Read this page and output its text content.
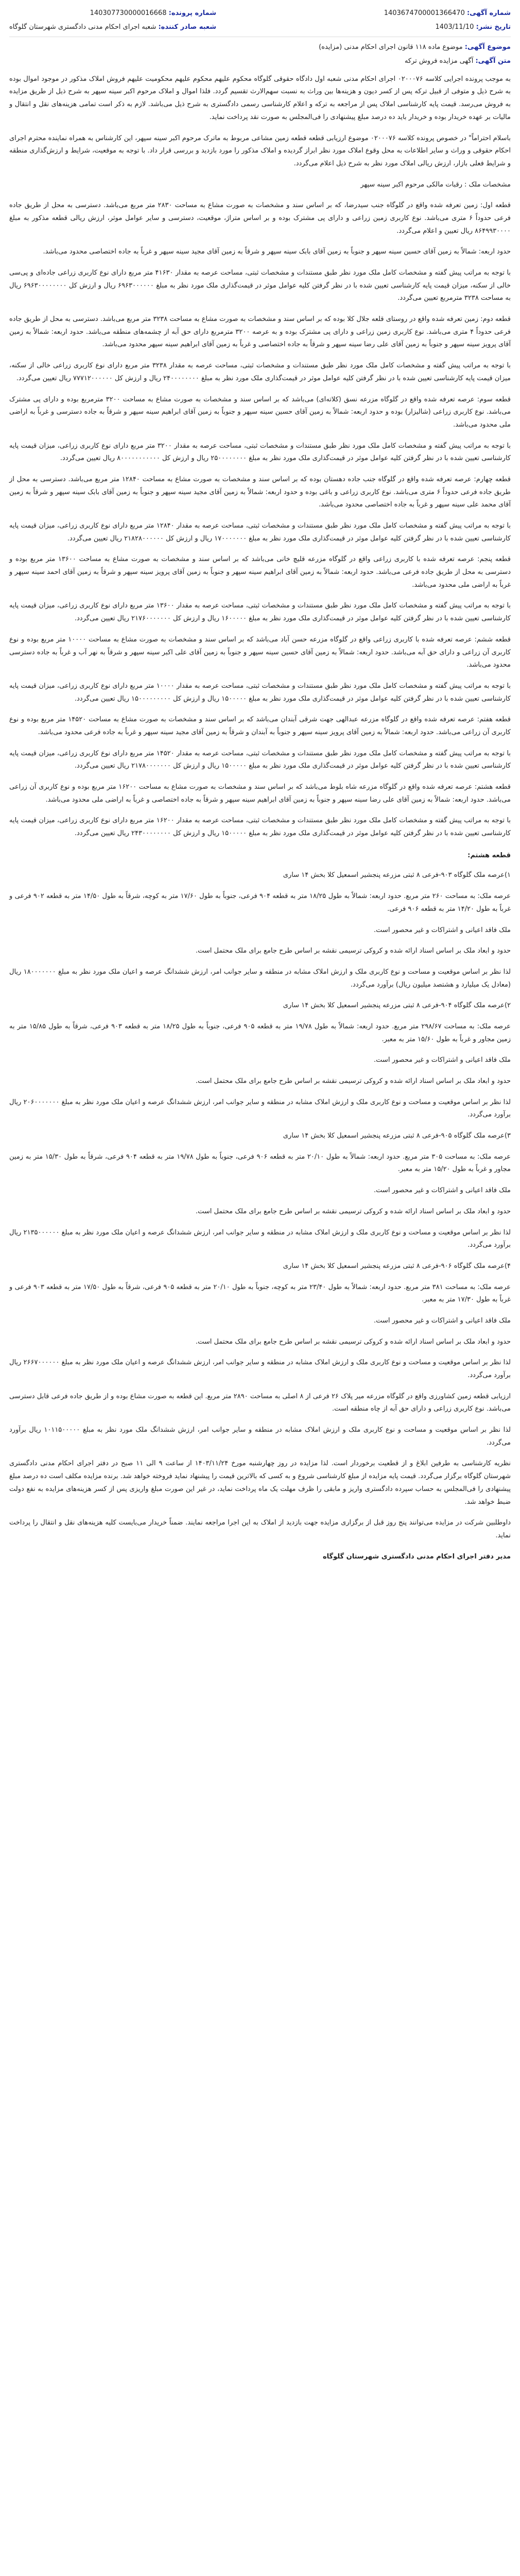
شماره آگهی: 1403674700001366470
تاریخ نشر: 1403/11/10
شماره پرونده: 140307730000016668
شعبه صادر کننده: شعبه اجرای احکام مدنی دادگستری شهرستان گلوگاه
موضوع آگهی: موضوع ماده ۱۱۸ قانون اجرای احکام مدنی (مزایده)
متن آگهی: آگهی مزایده فروش ترکه

به موجب پرونده اجرایی کلاسه ۰۲۰۰۰۷۶ اجرای احکام مدنی شعبه اول دادگاه حقوقی گلوگاه محکوم علیهم محکوم علیهم محکومیت علیهم فروش املاک مذکور در موجود اموال بوده به شرح ذیل و متوفی از قبیل ترکه پس از کسر دیون و هزینه‌ها بین وراث به نسبت سهم‌الارث تقسیم گردد. فلذا اموال و املاک مرحوم اکبر سینه سپهر به شرح ذیل از طریق مزایده به فروش می‌رسد. قیمت پایه کارشناسی املاک پس از مراجعه به ترکه و اعلام کارشناسی رسمی دادگستری به شرح ذیل می‌باشد. لازم به ذکر است تمامی هزینه‌های نقل و انتقال و مالیات بر عهده خریدار بوده و خریدار باید ده درصد مبلغ پیشنهادی را فی‌المجلس به صورت نقد پرداخت نماید.

باسلام احتراماً" در خصوص پرونده کلاسه ۰۲۰۰۰۷۶ موضوع ارزیابی قطعه قطعه زمین مشاعی مربوط به ماترک مرحوم اکبر سینه سپهر، این کارشناس به همراه نماینده محترم اجرای احکام حقوقی و وراث و سایر اطلاعات به محل وقوع املاک مورد نظر ابراز گردیده و املاک مذکور را مورد بازدید و بررسی قرار داد. با توجه به موقعیت، شرایط و ارزش‌گذاری منطقه و شرایط فعلی بازار، ارزش ریالی املاک مورد نظر به شرح ذیل اعلام می‌گردد.

مشخصات ملک : رقبات مالکی مرحوم اکبر سینه سپهر

قطعه اول: زمین تعرفه شده واقع در گلوگاه جنب سیدرضا، که بر اساس سند و مشخصات به صورت مشاع به مساحت ۲۸۳۰ متر مربع می‌باشد. دسترسی به محل از طریق جاده فرعی حدوداً ۶ متری می‌باشد. نوع کاربری زمین زراعی و دارای پی مشترک بوده و بر اساس متراژ، موقعیت، دسترسی و سایر عوامل موثر، ارزش ریالی قطعه مذکور به مبلغ ۸۶۴۹۹۳۰۰۰۰ ریال تعیین و اعلام می‌گردد.

حدود اربعه: شمالاً به زمین آقای حسین سینه سپهر و جنوباً به زمین آقای بابک سینه سپهر و شرقاً به زمین آقای مجید سینه سپهر و غرباً به جاده اختصاصی محدود می‌باشد.

با توجه به مراتب پیش گفته و مشخصات کامل ملک مورد نظر طبق مستندات و مشخصات ثبتی، مساحت عرصه به مقدار ۴۱۶۳۰ متر مربع دارای نوع کاربری زراعی جاده‌ای و پی‌سی خالی از سکنه، میزان قیمت پایه کارشناسی تعیین شده با در نظر گرفتن کلیه عوامل موثر در قیمت‌گذاری ملک مورد نظر به مبلغ ۶۹۶۳۰۰۰۰۰۰ ریال و ارزش کل ۶۹۶۳۰۰۰۰۰۰۰۰ ریال به مساحت ۳۲۳۸ مترمربع تعیین می‌گردد.

قطعه دوم: زمین تعرفه شده واقع در روستای قلعه جلال کلا بوده که بر اساس سند و مشخصات به صورت مشاع به مساحت ۳۲۳۸ متر مربع می‌باشد. دسترسی به محل از طریق جاده فرعی حدوداً ۴ متری می‌باشد. نوع کاربری زمین زراعی و دارای پی مشترک بوده و به عرصه ۳۲۰۰ مترمربع دارای حق آبه از چشمه‌های منطقه می‌باشد. حدود اربعه: شمالاً به زمین آقای پرویز سینه سپهر و جنوباً به زمین آقای علی رضا سینه سپهر و شرقاً به جاده اختصاصی و غرباً به زمین آقای ابراهیم سینه سپهر محدود می‌باشد.

با توجه به مراتب پیش گفته و مشخصات کامل ملک مورد نظر طبق مستندات و مشخصات ثبتی، مساحت عرصه به مقدار ۳۲۳۸ متر مربع دارای نوع کاربری زراعی خالی از سکنه، میزان قیمت پایه کارشناسی تعیین شده با در نظر گرفتن کلیه عوامل موثر در قیمت‌گذاری ملک مورد نظر به مبلغ ۲۴۰۰۰۰۰۰۰۰ ریال و ارزش کل ۷۷۷۱۲۰۰۰۰۰۰ ریال تعیین می‌گردد.

قطعه سوم: عرصه تعرفه شده واقع در گلوگاه مزرعه نسق (کلاته‌ای) می‌باشد که بر اساس سند و مشخصات به صورت مشاع به مساحت ۳۲۰۰ مترمربع بوده و دارای پی مشترک می‌باشد. نوع کاربری زراعی (شالیزار) بوده و حدود اربعه: شمالاً به زمین آقای حسین سینه سپهر و جنوباً به زمین آقای ابراهیم سینه سپهر و شرقاً به جاده دسترسی و غرباً به اراضی ملی محدود می‌باشد.

با توجه به مراتب پیش گفته و مشخصات کامل ملک مورد نظر طبق مستندات و مشخصات ثبتی، مساحت عرصه به مقدار ۳۲۰۰ متر مربع دارای نوع کاربری زراعی، میزان قیمت پایه کارشناسی تعیین شده با در نظر گرفتن کلیه عوامل موثر در قیمت‌گذاری ملک مورد نظر به مبلغ ۲۵۰۰۰۰۰۰۰۰ ریال و ارزش کل ۸۰۰۰۰۰۰۰۰۰۰۰ ریال تعیین می‌گردد.

قطعه چهارم: عرصه تعرفه شده واقع در گلوگاه جنب جاده دهستان بوده که بر اساس سند و مشخصات به صورت مشاع به مساحت ۱۲۸۴۰ متر مربع می‌باشد. دسترسی به محل از طریق جاده فرعی حدوداً ۶ متری می‌باشد. نوع کاربری زراعی و باغی بوده و حدود اربعه: شمالاً به زمین آقای مجید سینه سپهر و جنوباً به زمین آقای بابک سینه سپهر و شرقاً به زمین آقای محمد علی سینه سپهر و غرباً به جاده اختصاصی محدود می‌باشد.

با توجه به مراتب پیش گفته و مشخصات کامل ملک مورد نظر طبق مستندات و مشخصات ثبتی، مساحت عرصه به مقدار ۱۲۸۴۰ متر مربع دارای نوع کاربری زراعی، میزان قیمت پایه کارشناسی تعیین شده با در نظر گرفتن کلیه عوامل موثر در قیمت‌گذاری ملک مورد نظر به مبلغ ۱۷۰۰۰۰۰۰۰ ریال و ارزش کل ۲۱۸۲۸۰۰۰۰۰۰ ریال تعیین می‌گردد.

قطعه پنجم: عرصه تعرفه شده با کاربری زراعی واقع در گلوگاه مزرعه قلیچ خانی می‌باشد که بر اساس سند و مشخصات به صورت مشاع به مساحت ۱۳۶۰۰ متر مربع بوده و دسترسی به محل از طریق جاده فرعی می‌باشد. حدود اربعه: شمالاً به زمین آقای ابراهیم سینه سپهر و جنوباً به زمین آقای پرویز سینه سپهر و شرقاً به زمین آقای احمد سینه سپهر و غرباً به اراضی ملی محدود می‌باشد.

با توجه به مراتب پیش گفته و مشخصات کامل ملک مورد نظر طبق مستندات و مشخصات ثبتی، مساحت عرصه به مقدار ۱۳۶۰۰ متر مربع دارای نوع کاربری زراعی، میزان قیمت پایه کارشناسی تعیین شده با در نظر گرفتن کلیه عوامل موثر در قیمت‌گذاری ملک مورد نظر به مبلغ ۱۶۰۰۰۰۰ ریال و ارزش کل ۲۱۷۶۰۰۰۰۰۰۰ ریال تعیین می‌گردد.

قطعه ششم: عرصه تعرفه شده با کاربری زراعی واقع در گلوگاه مزرعه حسن آباد می‌باشد که بر اساس سند و مشخصات به صورت مشاع به مساحت ۱۰۰۰۰ متر مربع بوده و نوع کاربری آن زراعی و دارای حق آبه می‌باشد. حدود اربعه: شمالاً به زمین آقای حسین سینه سپهر و جنوباً به زمین آقای علی اکبر سینه سپهر و شرقاً به نهر آب و غرباً به جاده دسترسی محدود می‌باشد.

با توجه به مراتب پیش گفته و مشخصات کامل ملک مورد نظر طبق مستندات و مشخصات ثبتی، مساحت عرصه به مقدار ۱۰۰۰۰ متر مربع دارای نوع کاربری زراعی، میزان قیمت پایه کارشناسی تعیین شده با در نظر گرفتن کلیه عوامل موثر در قیمت‌گذاری ملک مورد نظر به مبلغ ۱۵۰۰۰۰۰ ریال و ارزش کل ۱۵۰۰۰۰۰۰۰۰۰ ریال تعیین می‌گردد.

قطعه هفتم: عرصه تعرفه شده واقع در گلوگاه مزرعه عبدالهی جهت شرقی آبندان می‌باشد که بر اساس سند و مشخصات به صورت مشاع به مساحت ۱۴۵۲۰ متر مربع بوده و نوع کاربری آن زراعی می‌باشد. حدود اربعه: شمالاً به زمین آقای پرویز سینه سپهر و جنوباً به آبندان و شرقاً به زمین آقای مجید سینه سپهر و غرباً به جاده فرعی محدود می‌باشد.

با توجه به مراتب پیش گفته و مشخصات کامل ملک مورد نظر طبق مستندات و مشخصات ثبتی، مساحت عرصه به مقدار ۱۴۵۲۰ متر مربع دارای نوع کاربری زراعی، میزان قیمت پایه کارشناسی تعیین شده با در نظر گرفتن کلیه عوامل موثر در قیمت‌گذاری ملک مورد نظر به مبلغ ۱۵۰۰۰۰۰ ریال و ارزش کل ۲۱۷۸۰۰۰۰۰۰۰ ریال تعیین می‌گردد.

قطعه هشتم: عرصه تعرفه شده واقع در گلوگاه مزرعه شاه بلوط می‌باشد که بر اساس سند و مشخصات به صورت مشاع به مساحت ۱۶۲۰۰ متر مربع بوده و نوع کاربری آن زراعی می‌باشد. حدود اربعه: شمالاً به زمین آقای علی رضا سینه سپهر و جنوباً به زمین آقای ابراهیم سینه سپهر و شرقاً به جاده اختصاصی و غرباً به اراضی ملی محدود می‌باشد.

با توجه به مراتب پیش گفته و مشخصات کامل ملک مورد نظر طبق مستندات و مشخصات ثبتی، مساحت عرصه به مقدار ۱۶۲۰۰ متر مربع دارای نوع کاربری زراعی، میزان قیمت پایه کارشناسی تعیین شده با در نظر گرفتن کلیه عوامل موثر در قیمت‌گذاری ملک مورد نظر به مبلغ ۱۵۰۰۰۰۰ ریال و ارزش کل ۲۴۳۰۰۰۰۰۰۰۰ ریال تعیین می‌گردد.

قطعه هشتم:

۱)عرصه ملک گلوگاه ۹۰۳-فرعی ۸ ثبتی مزرعه پنجشیر اسمعیل کلا بخش ۱۴ ساری

عرصه ملک: به مساحت ۲۶۰ متر مربع. حدود اربعه: شمالاً به طول ۱۸/۲۵ متر به قطعه ۹۰۴ فرعی، جنوباً به طول ۱۷/۶۰ متر به کوچه، شرقاً به طول ۱۴/۵۰ متر به قطعه ۹۰۲ فرعی و غرباً به طول ۱۴/۲۰ متر به قطعه ۹۰۶ فرعی.

ملک فاقد اعیانی و اشتراکات و غیر محصور است.

حدود و ابعاد ملک بر اساس اسناد ارائه شده و کروکی ترسیمی نقشه بر اساس طرح جامع برای ملک محتمل است.

لذا نظر بر اساس موقعیت و مساحت و نوع کاربری ملک و ارزش املاک مشابه در منطقه و سایر جوانب امر، ارزش ششدانگ عرصه و اعیان ملک مورد نظر به مبلغ ۱۸۰۰۰۰۰۰۰ ریال (معادل یک میلیارد و هشتصد میلیون ریال) برآورد می‌گردد.

۲)عرصه ملک گلوگاه ۹۰۴-فرعی ۸ ثبتی مزرعه پنجشیر اسمعیل کلا بخش ۱۴ ساری

عرصه ملک: به مساحت ۲۹۸/۶۷ متر مربع. حدود اربعه: شمالاً به طول ۱۹/۷۸ متر به قطعه ۹۰۵ فرعی، جنوباً به طول ۱۸/۲۵ متر به قطعه ۹۰۳ فرعی، شرقاً به طول ۱۵/۸۵ متر به زمین مجاور و غرباً به طول ۱۵/۶۰ متر به معبر.

ملک فاقد اعیانی و اشتراکات و غیر محصور است.

حدود و ابعاد ملک بر اساس اسناد ارائه شده و کروکی ترسیمی نقشه بر اساس طرح جامع برای ملک محتمل است.

لذا نظر بر اساس موقعیت و مساحت و نوع کاربری ملک و ارزش املاک مشابه در منطقه و سایر جوانب امر، ارزش ششدانگ عرصه و اعیان ملک مورد نظر به مبلغ ۲۰۶۰۰۰۰۰۰۰ ریال برآورد می‌گردد.

۳)عرصه ملک گلوگاه ۹۰۵-فرعی ۸ ثبتی مزرعه پنجشیر اسمعیل کلا بخش ۱۴ ساری

عرصه ملک: به مساحت ۳۰۵ متر مربع. حدود اربعه: شمالاً به طول ۲۰/۱۰ متر به قطعه ۹۰۶ فرعی، جنوباً به طول ۱۹/۷۸ متر به قطعه ۹۰۴ فرعی، شرقاً به طول ۱۵/۳۰ متر به زمین مجاور و غرباً به طول ۱۵/۲۰ متر به معبر.

ملک فاقد اعیانی و اشتراکات و غیر محصور است.

حدود و ابعاد ملک بر اساس اسناد ارائه شده و کروکی ترسیمی نقشه بر اساس طرح جامع برای ملک محتمل است.

لذا نظر بر اساس موقعیت و مساحت و نوع کاربری ملک و ارزش املاک مشابه در منطقه و سایر جوانب امر، ارزش ششدانگ عرصه و اعیان ملک مورد نظر به مبلغ ۲۱۳۵۰۰۰۰۰۰ ریال برآورد می‌گردد.

۴)عرصه ملک گلوگاه ۹۰۶-فرعی ۸ ثبتی مزرعه پنجشیر اسمعیل کلا بخش ۱۴ ساری

عرصه ملک: به مساحت ۳۸۱ متر مربع. حدود اربعه: شمالاً به طول ۲۳/۴۰ متر به کوچه، جنوباً به طول ۲۰/۱۰ متر به قطعه ۹۰۵ فرعی، شرقاً به طول ۱۷/۵۰ متر به قطعه ۹۰۳ فرعی و غرباً به طول ۱۷/۳۰ متر به معبر.

ملک فاقد اعیانی و اشتراکات و غیر محصور است.

حدود و ابعاد ملک بر اساس اسناد ارائه شده و کروکی ترسیمی نقشه بر اساس طرح جامع برای ملک محتمل است.

لذا نظر بر اساس موقعیت و مساحت و نوع کاربری ملک و ارزش املاک مشابه در منطقه و سایر جوانب امر، ارزش ششدانگ عرصه و اعیان ملک مورد نظر به مبلغ ۲۶۶۷۰۰۰۰۰۰ ریال برآورد می‌گردد.

ارزیابی قطعه زمین کشاورزی واقع در گلوگاه مزرعه میر پلاک ۲۶ فرعی از ۸ اصلی به مساحت ۲۸۹۰ متر مربع. این قطعه به صورت مشاع بوده و از طریق جاده فرعی قابل دسترسی می‌باشد. نوع کاربری زراعی و دارای حق آبه از چاه منطقه است.

لذا نظر بر اساس موقعیت و مساحت و نوع کاربری ملک و ارزش املاک مشابه در منطقه و سایر جوانب امر، ارزش ششدانگ ملک مورد نظر به مبلغ ۱۰۱۱۵۰۰۰۰۰ ریال برآورد می‌گردد.

نظریه کارشناسی به طرفین ابلاغ و از قطعیت برخوردار است. لذا مزایده در روز چهارشنبه مورخ ۱۴۰۳/۱۱/۲۴ از ساعت ۹ الی ۱۱ صبح در دفتر اجرای احکام مدنی دادگستری شهرستان گلوگاه برگزار می‌گردد. قیمت پایه مزایده از مبلغ کارشناسی شروع و به کسی که بالاترین قیمت را پیشنهاد نماید فروخته خواهد شد. برنده مزایده مکلف است ده درصد مبلغ پیشنهادی را فی‌المجلس به حساب سپرده دادگستری واریز و مابقی را ظرف مهلت یک ماه پرداخت نماید، در غیر این صورت مبلغ واریزی پس از کسر هزینه‌های مزایده به نفع دولت ضبط خواهد شد.

داوطلبین شرکت در مزایده می‌توانند پنج روز قبل از برگزاری مزایده جهت بازدید از املاک به این اجرا مراجعه نمایند. ضمناً خریدار می‌بایست کلیه هزینه‌های نقل و انتقال را پرداخت نماید.

مدیر دفتر اجرای احکام مدنی دادگستری شهرستان گلوگاه
